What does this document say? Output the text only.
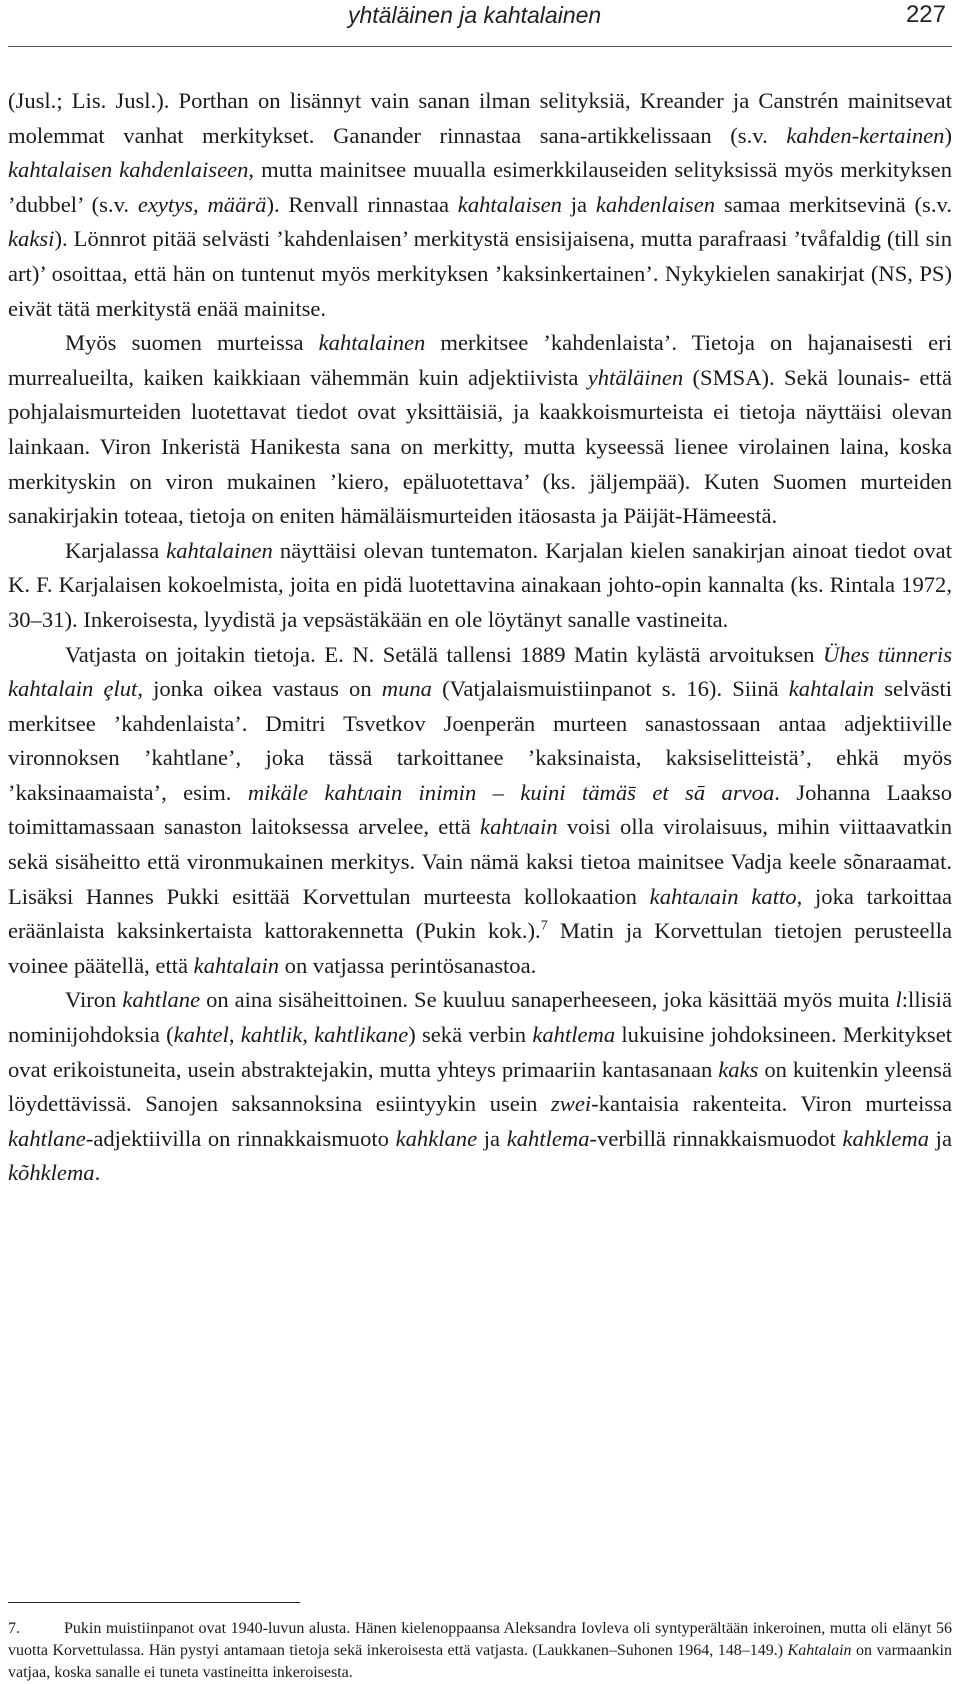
yhtäläinen ja kahtalainen	227

(Jusl.; Lis. Jusl.). Porthan on lisännyt vain sanan ilman selityksiä, Kreander ja Canstrén mainitsevat molemmat vanhat merkitykset. Ganander rinnastaa sana-artikkelissaan (s.v. kahden-kertainen) kahtalaisen kahdenlaiseen, mutta mainitsee muualla esimerkkilauseiden selityksissä myös merkityksen ’dubbel’ (s.v. exytys, määrä). Renvall rinnastaa kahtalaisen ja kahdenlaisen samaa merkitsevinä (s.v. kaksi). Lönnrot pitää selvästi ’kahdenlaisen’ merkitystä ensisijaisena, mutta parafraasi ’tvåfaldig (till sin art)’ osoittaa, että hän on tuntenut myös merkityksen ’kaksinkertainen’. Nykykielen sanakirjat (NS, PS) eivät tätä merkitystä enää mainitse.

Myös suomen murteissa kahtalainen merkitsee ’kahdenlaista’. Tietoja on hajanaisesti eri murrealueilta, kaiken kaikkiaan vähemmän kuin adjektiivista yhtäläinen (SMSA). Sekä lounais- että pohjalaismurteiden luotettavat tiedot ovat yksittäisiä, ja kaakkoismurteista ei tietoja näyttäisi olevan lainkaan. Viron Inkeristä Hanikesta sana on merkitty, mutta kyseessä lienee virolainen laina, koska merkityskin on viron mukainen ’kiero, epäluotettava’ (ks. jäljempää). Kuten Suomen murteiden sanakirjakin toteaa, tietoja on eniten hämäläismurteiden itäosasta ja Päijät-Hämeestä.

Karjalassa kahtalainen näyttäisi olevan tuntematon. Karjalan kielen sanakirjan ainoat tiedot ovat K. F. Karjalaisen kokoelmista, joita en pidä luotettavina ainakaan johto-opin kannalta (ks. Rintala 1972, 30–31). Inkeroisesta, lyydistä ja vepsästäkään en ole löytänyt sanalle vastineita.

Vatjasta on joitakin tietoja. E. N. Setälä tallensi 1889 Matin kylästä arvoituksen Ühes tünneris kahtalain ȩlut, jonka oikea vastaus on muna (Vatjalaismuistiinpanot s. 16). Siinä kahtalain selvästi merkitsee ’kahdenlaista’. Dmitri Tsvetkov Joenperän murteen sanastossaan antaa adjektiiville vironnoksen ’kahtlane’, joka tässä tarkoittanee ’kaksinaista, kaksiselitteistä’, ehkä myös ’kaksinaamaista’, esim. mikäle kahtлain inimin – kuini tämäs̄ et sā arvoa. Johanna Laakso toimittamassaan sanaston laitoksessa arvelee, että kahtлain voisi olla virolaisuus, mihin viittaavatkin sekä sisäheitto että vironmukainen merkitys. Vain nämä kaksi tietoa mainitsee Vadja keele sõnaraamat. Lisäksi Hannes Pukki esittää Korvettulan murteesta kollokaation kahtaлain katto, joka tarkoittaa eräänlaista kaksinkertaista kattorakennetta (Pukin kok.).$^7$ Matin ja Korvettulan tietojen perusteella voinee päätellä, että kahtalain on vatjassa perintösanastoa.

Viron kahtlane on aina sisäheittoinen. Se kuuluu sanaperheeseen, joka käsittää myös muita l:llisiä nominijohdoksia (kahtel, kahtlik, kahtlikane) sekä verbin kahtlema lukuisine johdoksineen. Merkitykset ovat erikoistuneita, usein abstraktejakin, mutta yhteys primaariin kantasanaan kaks on kuitenkin yleensä löydettävissä. Sanojen saksannoksina esiintyykin usein zwei-kantaisia rakenteita. Viron murteissa kahtlane-adjektiivilla on rinnakkaismuoto kahklane ja kahtlema-verbillä rinnakkaismuodot kahklema ja kõhklema.

7.	Pukin muistiinpanot ovat 1940-luvun alusta. Hänen kielenoppaansa Aleksandra Iovleva oli syntyperältään inkeroinen, mutta oli elänyt 56 vuotta Korvettulassa. Hän pystyi antamaan tietoja sekä inkeroisesta että vatjasta. (Laukkanen–Suhonen 1964, 148–149.) Kahtalain on varmaankin vatjaa, koska sanalle ei tuneta vastineitta inkeroisesta.
